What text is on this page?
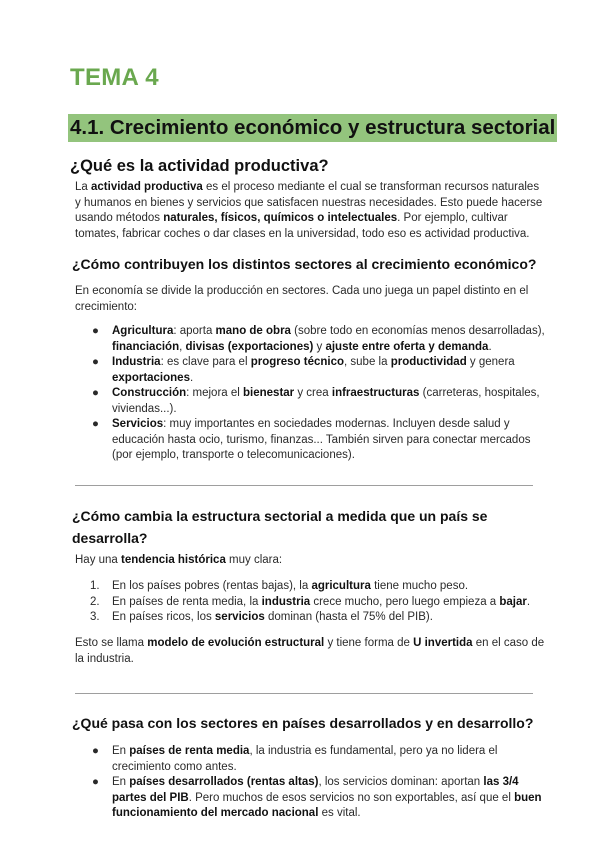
TEMA 4
4.1. Crecimiento económico y estructura sectorial
¿Qué es la actividad productiva?
La actividad productiva es el proceso mediante el cual se transforman recursos naturales y humanos en bienes y servicios que satisfacen nuestras necesidades. Esto puede hacerse usando métodos naturales, físicos, químicos o intelectuales. Por ejemplo, cultivar tomates, fabricar coches o dar clases en la universidad, todo eso es actividad productiva.
¿Cómo contribuyen los distintos sectores al crecimiento económico?
En economía se divide la producción en sectores. Cada uno juega un papel distinto en el crecimiento:
● Agricultura: aporta mano de obra (sobre todo en economías menos desarrolladas), financiación, divisas (exportaciones) y ajuste entre oferta y demanda.
● Industria: es clave para el progreso técnico, sube la productividad y genera exportaciones.
● Construcción: mejora el bienestar y crea infraestructuras (carreteras, hospitales, viviendas...).
● Servicios: muy importantes en sociedades modernas. Incluyen desde salud y educación hasta ocio, turismo, finanzas... También sirven para conectar mercados (por ejemplo, transporte o telecomunicaciones).
¿Cómo cambia la estructura sectorial a medida que un país se desarrolla?
Hay una tendencia histórica muy clara:
1. En los países pobres (rentas bajas), la agricultura tiene mucho peso.
2. En países de renta media, la industria crece mucho, pero luego empieza a bajar.
3. En países ricos, los servicios dominan (hasta el 75% del PIB).
Esto se llama modelo de evolución estructural y tiene forma de U invertida en el caso de la industria.
¿Qué pasa con los sectores en países desarrollados y en desarrollo?
● En países de renta media, la industria es fundamental, pero ya no lidera el crecimiento como antes.
● En países desarrollados (rentas altas), los servicios dominan: aportan las 3/4 partes del PIB. Pero muchos de esos servicios no son exportables, así que el buen funcionamiento del mercado nacional es vital.
